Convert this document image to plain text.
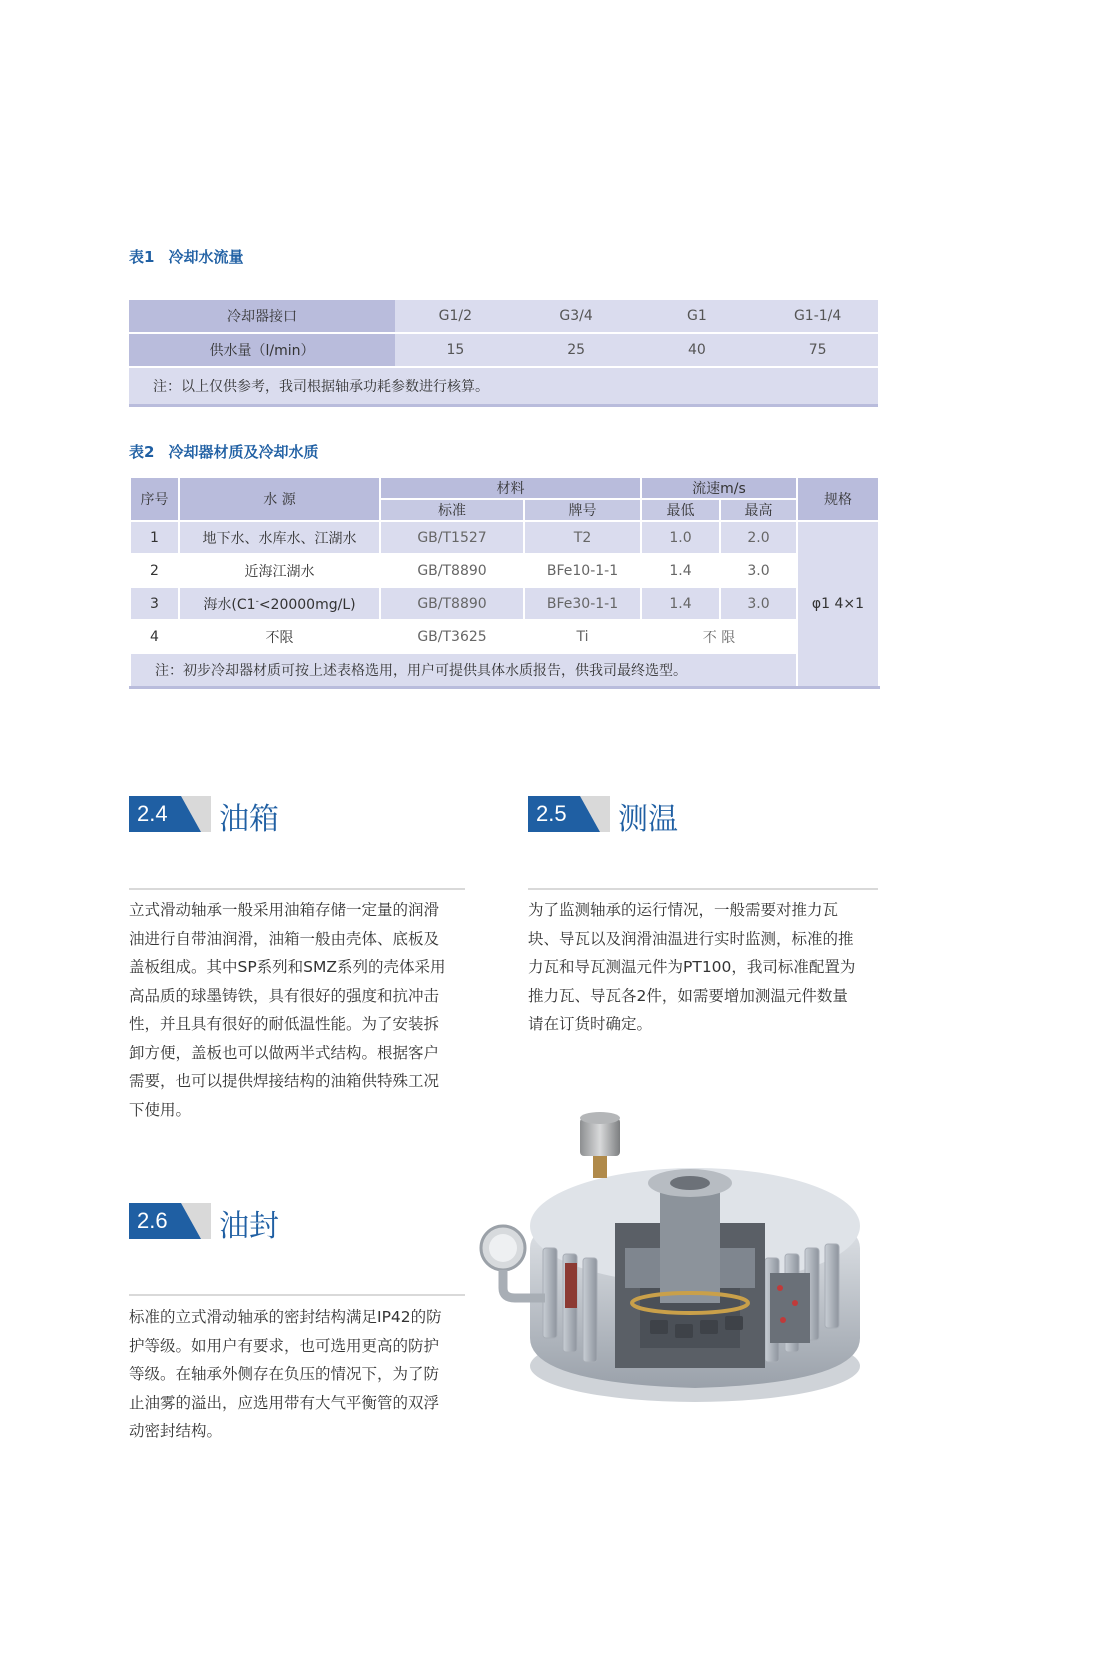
表1 冷却水流量
冷却器接口	G1/2	G3/4	G1	G1-1/4
供水量（l/min）	15	25	40	75
注：以上仅供参考，我司根据轴承功耗参数进行核算。				
表2 冷却器材质及冷却水质
序号	水 源	材料		流速m/s		规格
		标准	牌号	最低	最高	
1	地下水、水库水、江湖水	GB/T1527	T2	1.0	2.0	φ1 4×1
2	近海江湖水	GB/T8890	BFe10-1-1	1.4	3.0	
3	海水(C1-<20000mg/L)	GB/T8890	BFe30-1-1	1.4	3.0	
4	不限	GB/T3625	Ti	不 限		
注：初步冷却器材质可按上述表格选用，用户可提供具体水质报告，供我司最终选型。						
2.4 油箱
立式滑动轴承一般采用油箱存储一定量的润滑
油进行自带油润滑，油箱一般由壳体、底板及
盖板组成。其中SP系列和SMZ系列的壳体采用
高品质的球墨铸铁，具有很好的强度和抗冲击
性，并且具有很好的耐低温性能。为了安装拆
卸方便，盖板也可以做两半式结构。根据客户
需要，也可以提供焊接结构的油箱供特殊工况
下使用。
2.5 测温
为了监测轴承的运行情况，一般需要对推力瓦
块、导瓦以及润滑油温进行实时监测，标准的推
力瓦和导瓦测温元件为PT100，我司标准配置为
推力瓦、导瓦各2件，如需要增加测温元件数量
请在订货时确定。
2.6 油封
标准的立式滑动轴承的密封结构满足IP42的防
护等级。如用户有要求，也可选用更高的防护
等级。在轴承外侧存在负压的情况下，为了防
止油雾的溢出，应选用带有大气平衡管的双浮
动密封结构。
